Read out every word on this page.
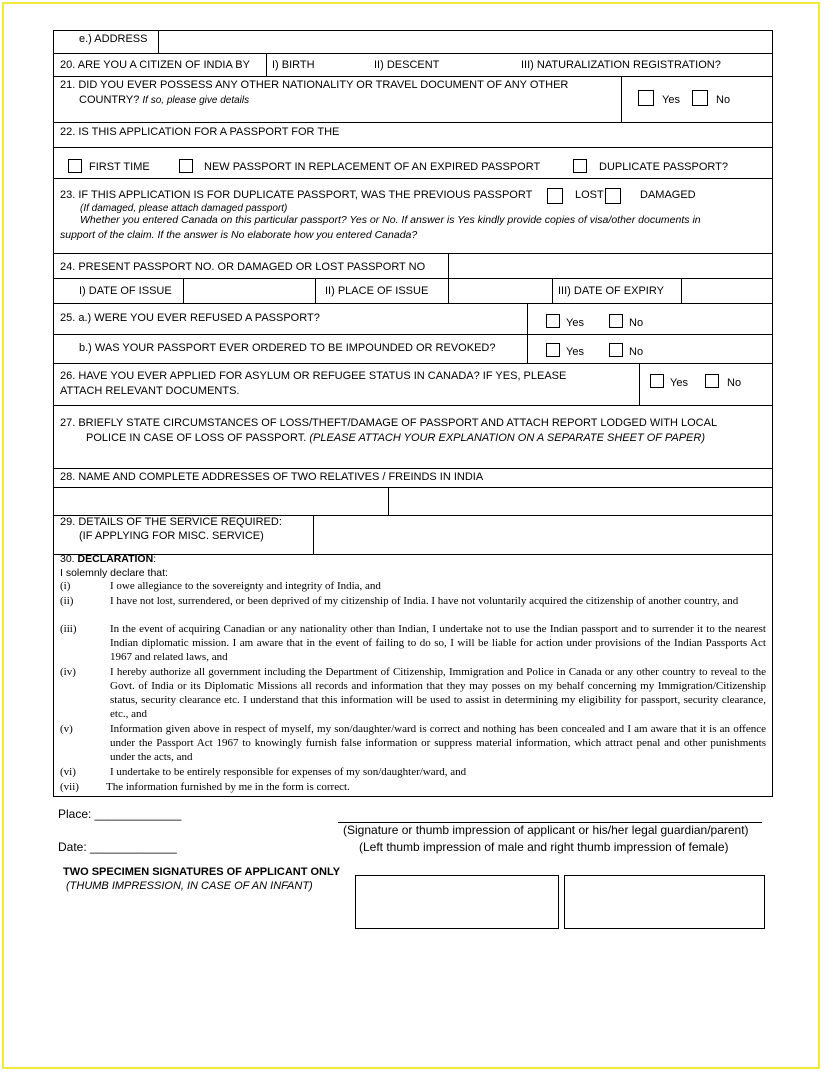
e.) ADDRESS
20. ARE YOU A CITIZEN OF INDIA BY I) BIRTH	II) DESCENT	III) NATURALIZATION REGISTRATION?
21. DID YOU EVER POSSESS ANY OTHER NATIONALITY OR TRAVEL DOCUMENT OF ANY OTHER
COUNTRY? If so, please give details	Yes	No
22. IS THIS APPLICATION FOR A PASSPORT FOR THE
FIRST TIME	NEW PASSPORT IN REPLACEMENT OF AN EXPIRED PASSPORT	DUPLICATE PASSPORT?
23. IF THIS APPLICATION IS FOR DUPLICATE PASSPORT, WAS THE PREVIOUS PASSPORT	LOST	DAMAGED
(If damaged, please attach damaged passport)
Whether you entered Canada on this particular passport? Yes or No. If answer is Yes kindly provide copies of visa/other documents in
support of the claim. If the answer is No elaborate how you entered Canada?
24. PRESENT PASSPORT NO. OR DAMAGED OR LOST PASSPORT NO
I) DATE OF ISSUE	II) PLACE OF ISSUE	III) DATE OF EXPIRY
25. a.) WERE YOU EVER REFUSED A PASSPORT?	Yes	No
b.) WAS YOUR PASSPORT EVER ORDERED TO BE IMPOUNDED OR REVOKED?	Yes	No
26. HAVE YOU EVER APPLIED FOR ASYLUM OR REFUGEE STATUS IN CANADA? IF YES, PLEASE
ATTACH RELEVANT DOCUMENTS.
Yes	No
27. BRIEFLY STATE CIRCUMSTANCES OF LOSS/THEFT/DAMAGE OF PASSPORT AND ATTACH REPORT LODGED WITH LOCAL
POLICE IN CASE OF LOSS OF PASSPORT. (PLEASE ATTACH YOUR EXPLANATION ON A SEPARATE SHEET OF PAPER)
28. NAME AND COMPLETE ADDRESSES OF TWO RELATIVES / FREINDS IN INDIA
29. DETAILS OF THE SERVICE REQUIRED:
(IF APPLYING FOR MISC. SERVICE)
30. DECLARATION:
I solemnly declare that:
(i)	I owe allegiance to the sovereignty and integrity of India, and
(ii)	I have not lost, surrendered, or been deprived of my citizenship of India. I have not voluntarily acquired the citizenship of another country, and
(iii)	In the event of acquiring Canadian or any nationality other than Indian, I undertake not to use the Indian passport and to surrender it to the nearest Indian diplomatic mission. I am aware that in the event of failing to do so, I will be liable for action under provisions of the Indian Passports Act 1967 and related laws, and
(iv)	I hereby authorize all government including the Department of Citizenship, Immigration and Police in Canada or any other country to reveal to the Govt. of India or its Diplomatic Missions all records and information that they may posses on my behalf concerning my Immigration/Citizenship status, security clearance etc. I understand that this information will be used to assist in determining my eligibility for passport, security clearance, etc., and
(v)	Information given above in respect of myself, my son/daughter/ward is correct and nothing has been concealed and I am aware that it is an offence under the Passport Act 1967 to knowingly furnish false information or suppress material information, which attract penal and other punishments under the acts, and
(vi)	I undertake to be entirely responsible for expenses of my son/daughter/ward, and
(vii) The information furnished by me in the form is correct.
Place: _____________
Date: _____________
(Signature or thumb impression of applicant or his/her legal guardian/parent)
(Left thumb impression of male and right thumb impression of female)
TWO SPECIMEN SIGNATURES OF APPLICANT ONLY
(THUMB IMPRESSION, IN CASE OF AN INFANT)
